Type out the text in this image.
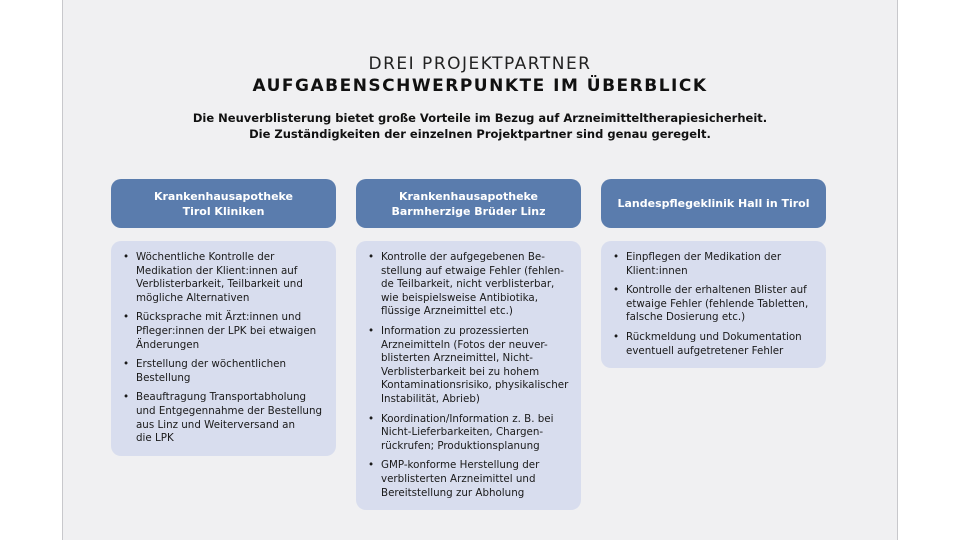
DREI PROJEKTPARTNER
AUFGABENSCHWERPUNKTE IM ÜBERBLICK
Die Neuverblisterung bietet große Vorteile im Bezug auf Arzneimitteltherapiesicherheit.
Die Zuständigkeiten der einzelnen Projektpartner sind genau geregelt.
Krankenhausapotheke
Tirol Kliniken
• Wöchentliche Kontrolle der
Medikation der Klient:innen auf
Verblisterbarkeit, Teilbarkeit und
mögliche Alternativen
• Rücksprache mit Ärzt:innen und
Pfleger:innen der LPK bei etwaigen
Änderungen
• Erstellung der wöchentlichen
Bestellung
• Beauftragung Transportabholung
und Entgegennahme der Bestellung
aus Linz und Weiterversand an
die LPK
Krankenhausapotheke
Barmherzige Brüder Linz
• Kontrolle der aufgegebenen Be-
stellung auf etwaige Fehler (fehlen-
de Teilbarkeit, nicht verblisterbar,
wie beispielsweise Antibiotika,
flüssige Arzneimittel etc.)
• Information zu prozessierten
Arzneimitteln (Fotos der neuver-
blisterten Arzneimittel, Nicht-
Verblisterbarkeit bei zu hohem
Kontaminationsrisiko, physikalischer
Instabilität, Abrieb)
• Koordination/Information z. B. bei
Nicht-Lieferbarkeiten, Chargen-
rückrufen; Produktionsplanung
• GMP-konforme Herstellung der
verblisterten Arzneimittel und
Bereitstellung zur Abholung
Landespflegeklinik Hall in Tirol
• Einpflegen der Medikation der
Klient:innen
• Kontrolle der erhaltenen Blister auf
etwaige Fehler (fehlende Tabletten,
falsche Dosierung etc.)
• Rückmeldung und Dokumentation
eventuell aufgetretener Fehler
